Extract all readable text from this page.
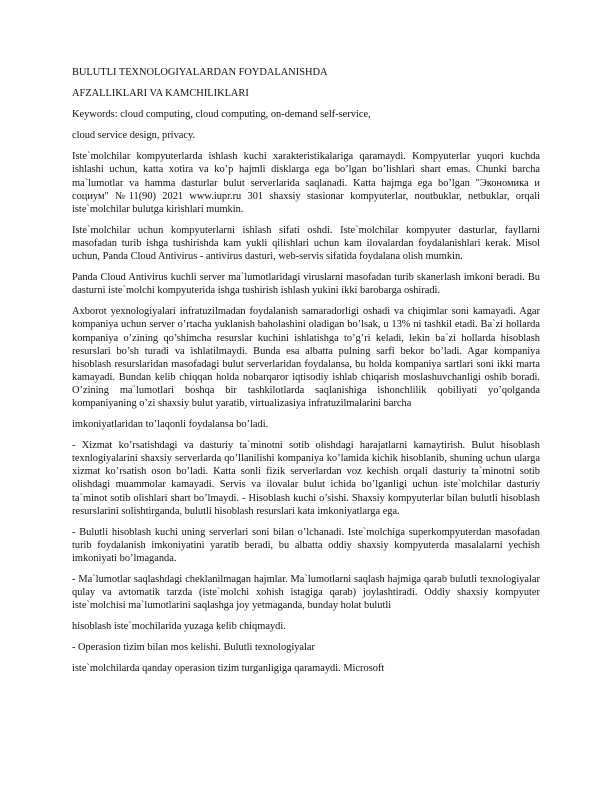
BULUTLI TEXNOLOGIYALARDAN FOYDALANISHDA

AFZALLIKLARI VA KAMCHILIKLARI

Keywords: cloud computing, cloud computing, on-demand self-service,

cloud service design, privacy.

Iste`molchilar kompyuterlarda ishlash kuchi xarakteristikalariga qaramaydi. Kompyuterlar yuqori kuchda ishlashi uchun, katta xotira va ko’p hajmli disklarga ega bo’lgan bo’lishlari shart emas. Chunki barcha ma`lumotlar va hamma dasturlar bulut serverlarida saqlanadi. Katta hajmga ega bo’lgan "Экономика и социум" №11(90) 2021 www.iupr.ru 301 shaxsiy stasionar kompyuterlar, noutbuklar, netbuklar, orqali iste`molchilar bulutga kirishlari mumkin.

Iste`molchilar uchun kompyuterlarni ishlash sifati oshdi. Iste`molchilar kompyuter dasturlar, fayllarni masofadan turib ishga tushirishda kam yukli qilishlari uchun kam ilovalardan foydalanishlari kerak. Misol uchun, Panda Cloud Antivirus - antivirus dasturi, web-servis sifatida foydalana olish mumkin.

Panda Cloud Antivirus kuchli server ma`lumotlaridagi viruslarni masofadan turib skanerlash imkoni beradi. Bu dasturni iste`molchi kompyuterida ishga tushirish ishlash yukini ikki barobarga oshiradi.

Axborot yexnologiyalari infratuzilmadan foydalanish samaradorligi oshadi va chiqimlar soni kamayadi. Agar kompaniya uchun server o’rtacha yuklanish baholashini oladigan bo’lsak, u 13% ni tashkil etadi. Ba`zi hollarda kompaniya o’zining qo’shimcha resurslar kuchini ishlatishga to’g’ri keladi, lekin ba`zi hollarda hisoblash resurslari bo’sh turadi va ishlatilmaydi. Bunda esa albatta pulning sarfi bekor bo’ladi. Agar kompaniya hisoblash resurslaridan masofadagi bulut serverlaridan foydalansa, bu holda kompaniya sartlari soni ikki marta kamayadi. Bundan kelib chiqqan holda nobarqaror iqtisodiy ishlab chiqarish moslashuvchanligi oshib boradi. O’zining ma`lumotlari boshqa bir tashkilotlarda saqlanishiga ishonchlilik qobiliyati yo’qolganda kompaniyaning o’zi shaxsiy bulut yaratib, virtualizasiya infratuzilmalarini barcha

imkoniyatlaridan to’laqonli foydalansa bo’ladi.

- Xizmat ko’rsatishdagi va dasturiy ta`minotni sotib olishdagi harajatlarni kamaytirish. Bulut hisoblash texnlogiyalarini shaxsiy serverlarda qo’llanilishi kompaniya ko’lamida kichik hisoblanib, shuning uchun ularga xizmat ko’rsatish oson bo’ladi. Katta sonli fizik serverlardan voz kechish orqali dasturiy ta`minotni sotib olishdagi muammolar kamayadi. Servis va ilovalar bulut ichida bo’lganligi uchun iste`molchilar dasturiy ta`minot sotib olishlari shart bo’lmaydi. - Hisoblash kuchi o’sishi. Shaxsiy kompyuterlar bilan bulutli hisoblash resurslarini solishtirganda, bulutli hisoblash resurslari kata imkoniyatlarga ega.

- Bulutli hisoblash kuchi uning serverlari soni bilan o’lchanadi. Iste`molchiga superkompyuterdan masofadan turib foydalanish imkoniyatini yaratib beradi, bu albatta oddiy shaxsiy kompyuterda masalalarni yechish imkoniyati bo’lmaganda.

- Ma`lumotlar saqlashdagi cheklanilmagan hajmlar. Ma`lumotlarni saqlash hajmiga qarab bulutli texnologiyalar qulay va avtomatik tarzda (iste`molchi xohish istagiga qarab) joylashtiradi. Oddiy shaxsiy kompyuter iste`molchisi ma`lumotlarini saqlashga joy yetmaganda, bunday holat bulutli

hisoblash iste`mochilarida yuzaga kelib chiqmaydi.

- Operasion tizim bilan mos kelishi. Bulutli texnologiyalar

iste`molchilarda qanday operasion tizim turganligiga qaramaydi. Microsoft
